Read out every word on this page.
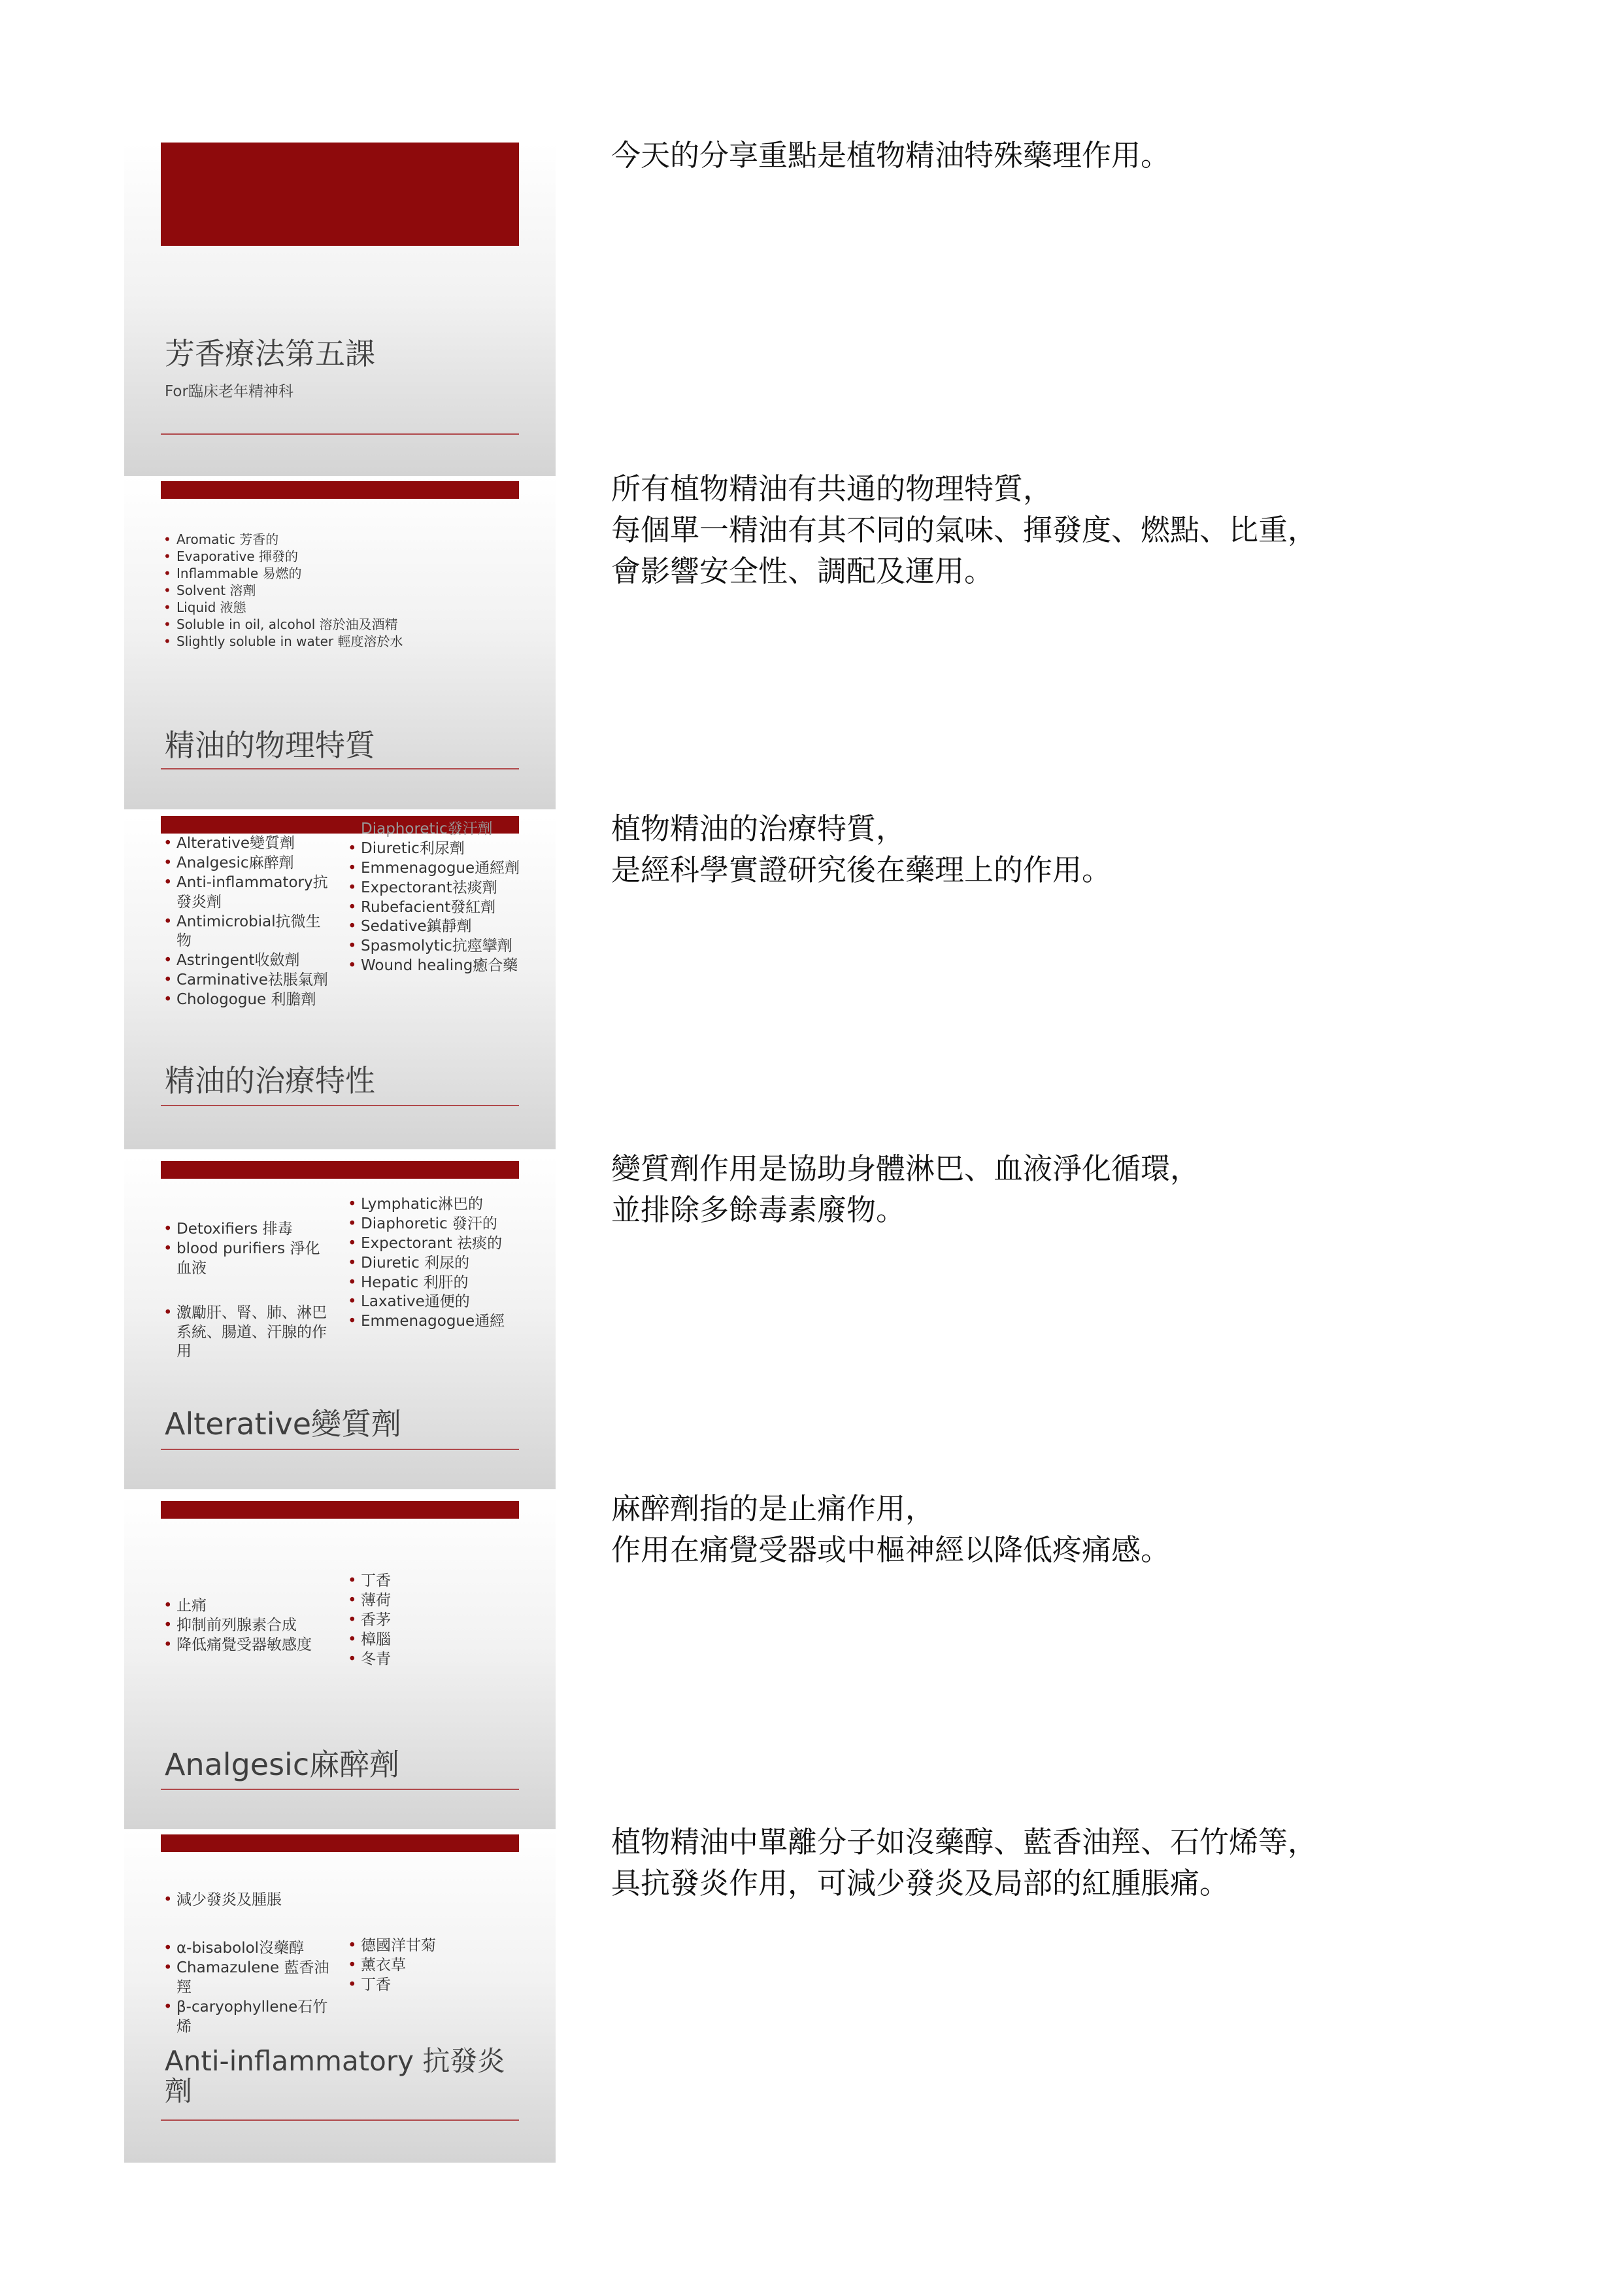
芳香療法第五課
For臨床老年精神科
今天的分享重點是植物精油特殊藥理作用。
• Aromatic 芳香的
• Evaporative 揮發的
• Inflammable 易燃的
• Solvent 溶劑
• Liquid 液態
• Soluble in oil, alcohol 溶於油及酒精
• Slightly soluble in water 輕度溶於水
精油的物理特質
所有植物精油有共通的物理特質，
每個單一精油有其不同的氣味、揮發度、燃點、比重，
會影響安全性、調配及運用。
• Alterative變質劑
• Analgesic麻醉劑
• Anti-inflammatory抗發炎劑
• Antimicrobial抗微生物
• Astringent收斂劑
• Carminative祛脹氣劑
• Chologogue 利膽劑
• Diaphoretic發汗劑
• Diuretic利尿劑
• Emmenagogue通經劑
• Expectorant祛痰劑
• Rubefacient發紅劑
• Sedative鎮靜劑
• Spasmolytic抗痙攣劑
• Wound healing癒合藥
精油的治療特性
植物精油的治療特質，
是經科學實證研究後在藥理上的作用。
• Detoxifiers 排毒
• blood purifiers 淨化血液
• 激勵肝、腎、肺、淋巴系統、腸道、汗腺的作用
• Lymphatic淋巴的
• Diaphoretic 發汗的
• Expectorant 祛痰的
• Diuretic 利尿的
• Hepatic 利肝的
• Laxative通便的
• Emmenagogue通經
Alterative變質劑
變質劑作用是協助身體淋巴、血液淨化循環，
並排除多餘毒素廢物。
• 止痛
• 抑制前列腺素合成
• 降低痛覺受器敏感度
• 丁香
• 薄荷
• 香茅
• 樟腦
• 冬青
Analgesic麻醉劑
麻醉劑指的是止痛作用，
作用在痛覺受器或中樞神經以降低疼痛感。
• 減少發炎及腫脹
• α-bisabolol沒藥醇
• Chamazulene 藍香油羥
• β-caryophyllene石竹烯
• 德國洋甘菊
• 薰衣草
• 丁香
Anti-inflammatory 抗發炎劑
植物精油中單離分子如沒藥醇、藍香油羥、石竹烯等，
具抗發炎作用，可減少發炎及局部的紅腫脹痛。
